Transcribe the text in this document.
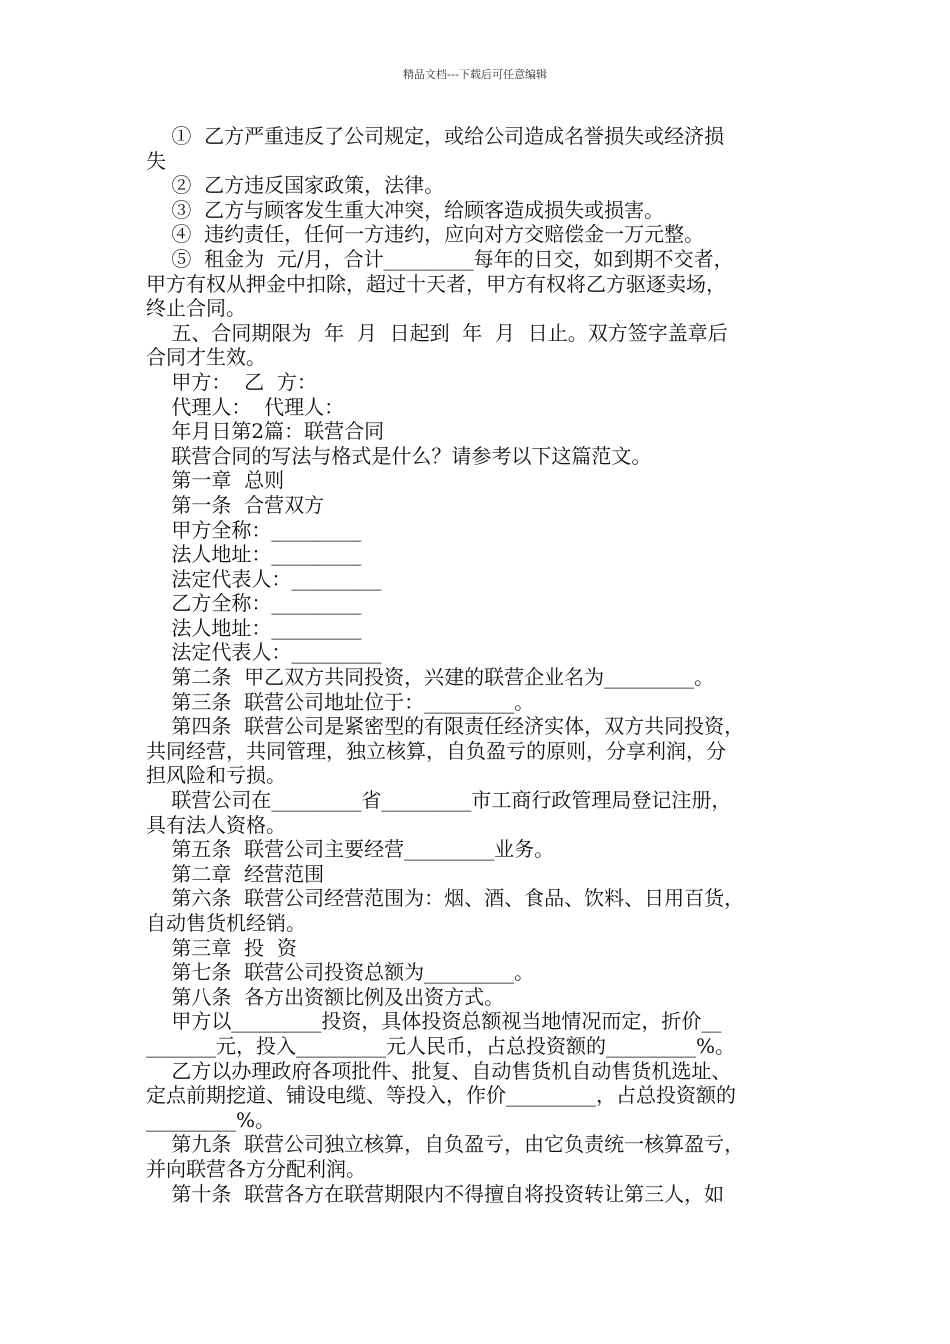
精品文档---下载后可任意编辑
①  乙方严重违反了公司规定，或给公司造成名誉损失或经济损
失
②  乙方违反国家政策，法律。
③  乙方与顾客发生重大冲突，给顾客造成损失或损害。
④  违约责任，任何一方违约，应向对方交赔偿金一万元整。
⑤  租金为  元/月，合计_________每年的日交，如到期不交者，
甲方有权从押金中扣除，超过十天者，甲方有权将乙方驱逐卖场，
终止合同。
五、合同期限为  年  月  日起到  年  月  日止。双方签字盖章后
合同才生效。
甲方：  乙  方：
代理人：  代理人：
年月日第2篇：联营合同
联营合同的写法与格式是什么？请参考以下这篇范文。
第一章  总则
第一条  合营双方
甲方全称：_________
法人地址：_________
法定代表人：_________
乙方全称：_________
法人地址：_________
法定代表人：_________
第二条  甲乙双方共同投资，兴建的联营企业名为_________。
第三条  联营公司地址位于：_________。
第四条  联营公司是紧密型的有限责任经济实体，双方共同投资，
共同经营，共同管理，独立核算，自负盈亏的原则，分享利润，分
担风险和亏损。
联营公司在_________省_________市工商行政管理局登记注册，
具有法人资格。
第五条  联营公司主要经营_________业务。
第二章  经营范围
第六条  联营公司经营范围为：烟、酒、食品、饮料、日用百货，
自动售货机经销。
第三章  投  资
第七条  联营公司投资总额为_________。
第八条  各方出资额比例及出资方式。
甲方以_________投资，具体投资总额视当地情况而定，折价__
_______元，投入_________元人民币，占总投资额的_________%。
乙方以办理政府各项批件、批复、自动售货机自动售货机选址、
定点前期挖道、铺设电缆、等投入，作价_________，占总投资额的
_________%。
第九条  联营公司独立核算，自负盈亏，由它负责统一核算盈亏，
并向联营各方分配利润。
第十条  联营各方在联营期限内不得擅自将投资转让第三人，如
